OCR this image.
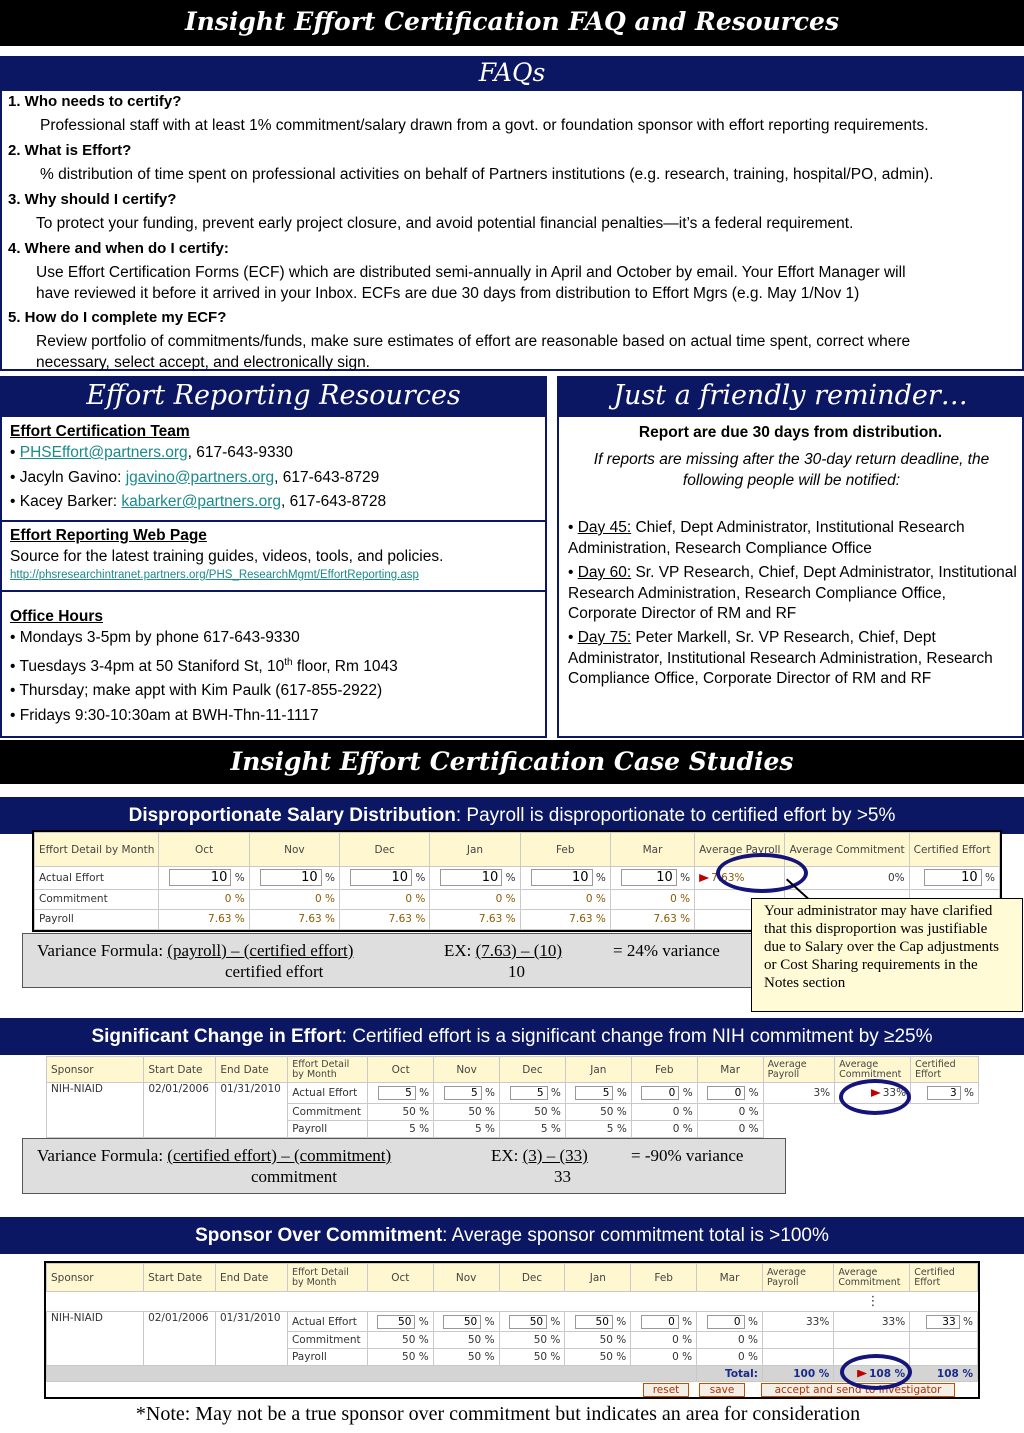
Insight Effort Certification FAQ and Resources
FAQs
1. Who needs to certify?
Professional staff with at least 1% commitment/salary drawn from a govt. or foundation sponsor with effort reporting requirements.
2. What is Effort?
% distribution of time spent on professional activities on behalf of Partners institutions (e.g. research, training, hospital/PO, admin).
3. Why should I certify?
To protect your funding, prevent early project closure, and avoid potential financial penalties—it’s a federal requirement.
4. Where and when do I certify:
Use Effort Certification Forms (ECF) which are distributed semi-annually in April and October by email. Your Effort Manager will
have reviewed it before it arrived in your Inbox. ECFs are due 30 days from distribution to Effort Mgrs (e.g. May 1/Nov 1)
5. How do I complete my ECF?
Review portfolio of commitments/funds, make sure estimates of effort are reasonable based on actual time spent, correct where
necessary, select accept, and electronically sign.
Effort Reporting Resources
Effort Certification Team
• PHSEffort@partners.org, 617-643-9330
• Jacyln Gavino: jgavino@partners.org, 617-643-8729
• Kacey Barker: kabarker@partners.org, 617-643-8728
Effort Reporting Web Page
Source for the latest training guides, videos, tools, and policies.
http://phsresearchintranet.partners.org/PHS_ResearchMgmt/EffortReporting.asp
Office Hours
• Mondays 3-5pm by phone 617-643-9330
• Tuesdays 3-4pm at 50 Staniford St, 10th floor, Rm 1043
• Thursday; make appt with Kim Paulk (617-855-2922)
• Fridays 9:30-10:30am at BWH-Thn-11-1117
Just a friendly reminder…
Report are due 30 days from distribution.
If reports are missing after the 30-day return deadline, the following people will be notified:
• Day 45: Chief, Dept Administrator, Institutional Research Administration, Research Compliance Office
• Day 60: Sr. VP Research, Chief, Dept Administrator, Institutional Research Administration, Research Compliance Office, Corporate Director of RM and RF
• Day 75: Peter Markell, Sr. VP Research, Chief, Dept Administrator, Institutional Research Administration, Research Compliance Office, Corporate Director of RM and RF
Insight Effort Certification Case Studies
Disproportionate Salary Distribution: Payroll is disproportionate to certified effort by >5%
Effort Detail by Month	Oct	Nov	Dec	Jan	Feb	Mar	Average Payroll	Average Commitment	Certified Effort
Actual Effort	10 %	10 %	10 %	10 %	10 %	10 %	7.63%	0%	10 %
Commitment	0 %	0 %	0 %	0 %	0 %	0 %			
Payroll	7.63 %	7.63 %	7.63 %	7.63 %	7.63 %	7.63 %			
Variance Formula: (payroll) – (certified effort)
certified effort
EX: (7.63) – (10)
10
= 24% variance
Your administrator may have clarified that this disproportion was justifiable due to Salary over the Cap adjustments or Cost Sharing requirements in the Notes section
Significant Change in Effort: Certified effort is a significant change from NIH commitment by ≥25%
Sponsor	Start Date	End Date	Effort Detail by Month	Oct	Nov	Dec	Jan	Feb	Mar	Average Payroll	Average Commitment	Certified Effort
NIH-NIAID	02/01/2006	01/31/2010	Actual Effort	5 %	5 %	5 %	5 %	0 %	0 %	3%	33%	3 %
			Commitment	50 %	50 %	50 %	50 %	0 %	0 %			
			Payroll	5 %	5 %	5 %	5 %	0 %	0 %			
Variance Formula: (certified effort) – (commitment)
commitment
EX: (3) – (33)
33
= -90% variance
Sponsor Over Commitment: Average sponsor commitment total is >100%
Sponsor	Start Date	End Date	Effort Detail by Month	Oct	Nov	Dec	Jan	Feb	Mar	Average Payroll	Average Commitment	Certified Effort
⋮												
NIH-NIAID	02/01/2006	01/31/2010	Actual Effort	50 %	50 %	50 %	50 %	0 %	0 %	33%	33%	33 %
			Commitment	50 %	50 %	50 %	50 %	0 %	0 %			
			Payroll	50 %	50 %	50 %	50 %	0 %	0 %			
									Total:	100 %	108 %	108 %
reset	save	accept and send to investigator
*Note: May not be a true sponsor over commitment but indicates an area for consideration
